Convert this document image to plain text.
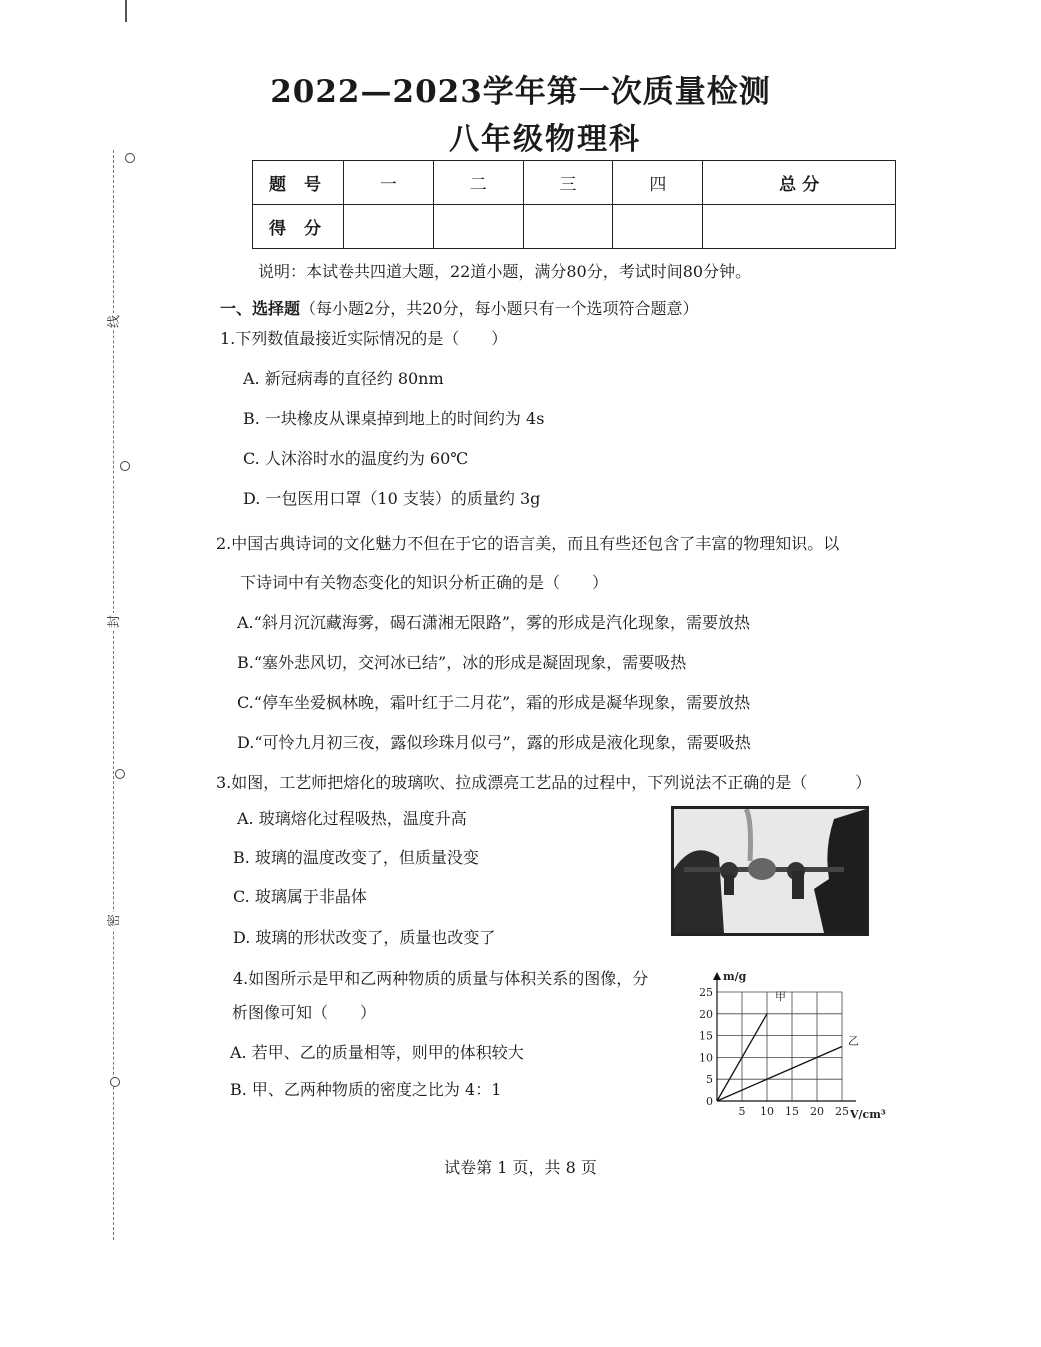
线
封
密
2022—2023学年第一次质量检测
八年级物理科
题 号	一	二	三	四	总 分
得 分					
说明：本试卷共四道大题，22道小题，满分80分，考试时间80分钟。
一、选择题（每小题2分，共20分，每小题只有一个选项符合题意）
1.下列数值最接近实际情况的是（　　）
A. 新冠病毒的直径约 80nm
B. 一块橡皮从课桌掉到地上的时间约为 4s
C. 人沐浴时水的温度约为 60℃
D. 一包医用口罩（10 支装）的质量约 3g
2.中国古典诗词的文化魅力不但在于它的语言美，而且有些还包含了丰富的物理知识。以
下诗词中有关物态变化的知识分析正确的是（　　）
A.“斜月沉沉藏海雾，碣石潇湘无限路”，雾的形成是汽化现象，需要放热
B.“塞外悲风切，交河冰已结”，冰的形成是凝固现象，需要吸热
C.“停车坐爱枫林晚，霜叶红于二月花”，霜的形成是凝华现象，需要放热
D.“可怜九月初三夜，露似珍珠月似弓”，露的形成是液化现象，需要吸热
3.如图，工艺师把熔化的玻璃吹、拉成漂亮工艺品的过程中，下列说法不正确的是（　　　）
A. 玻璃熔化过程吸热，温度升高
B. 玻璃的温度改变了，但质量没变
C. 玻璃属于非晶体
D. 玻璃的形状改变了，质量也改变了
4.如图所示是甲和乙两种物质的质量与体积关系的图像，分
析图像可知（　　）
A. 若甲、乙的质量相等，则甲的体积较大
B. 甲、乙两种物质的密度之比为 4：1
5 10 15 20 25
5
10
15
20
25
0
m/g
V/cm³
甲
乙
试卷第 1 页，共 8 页
